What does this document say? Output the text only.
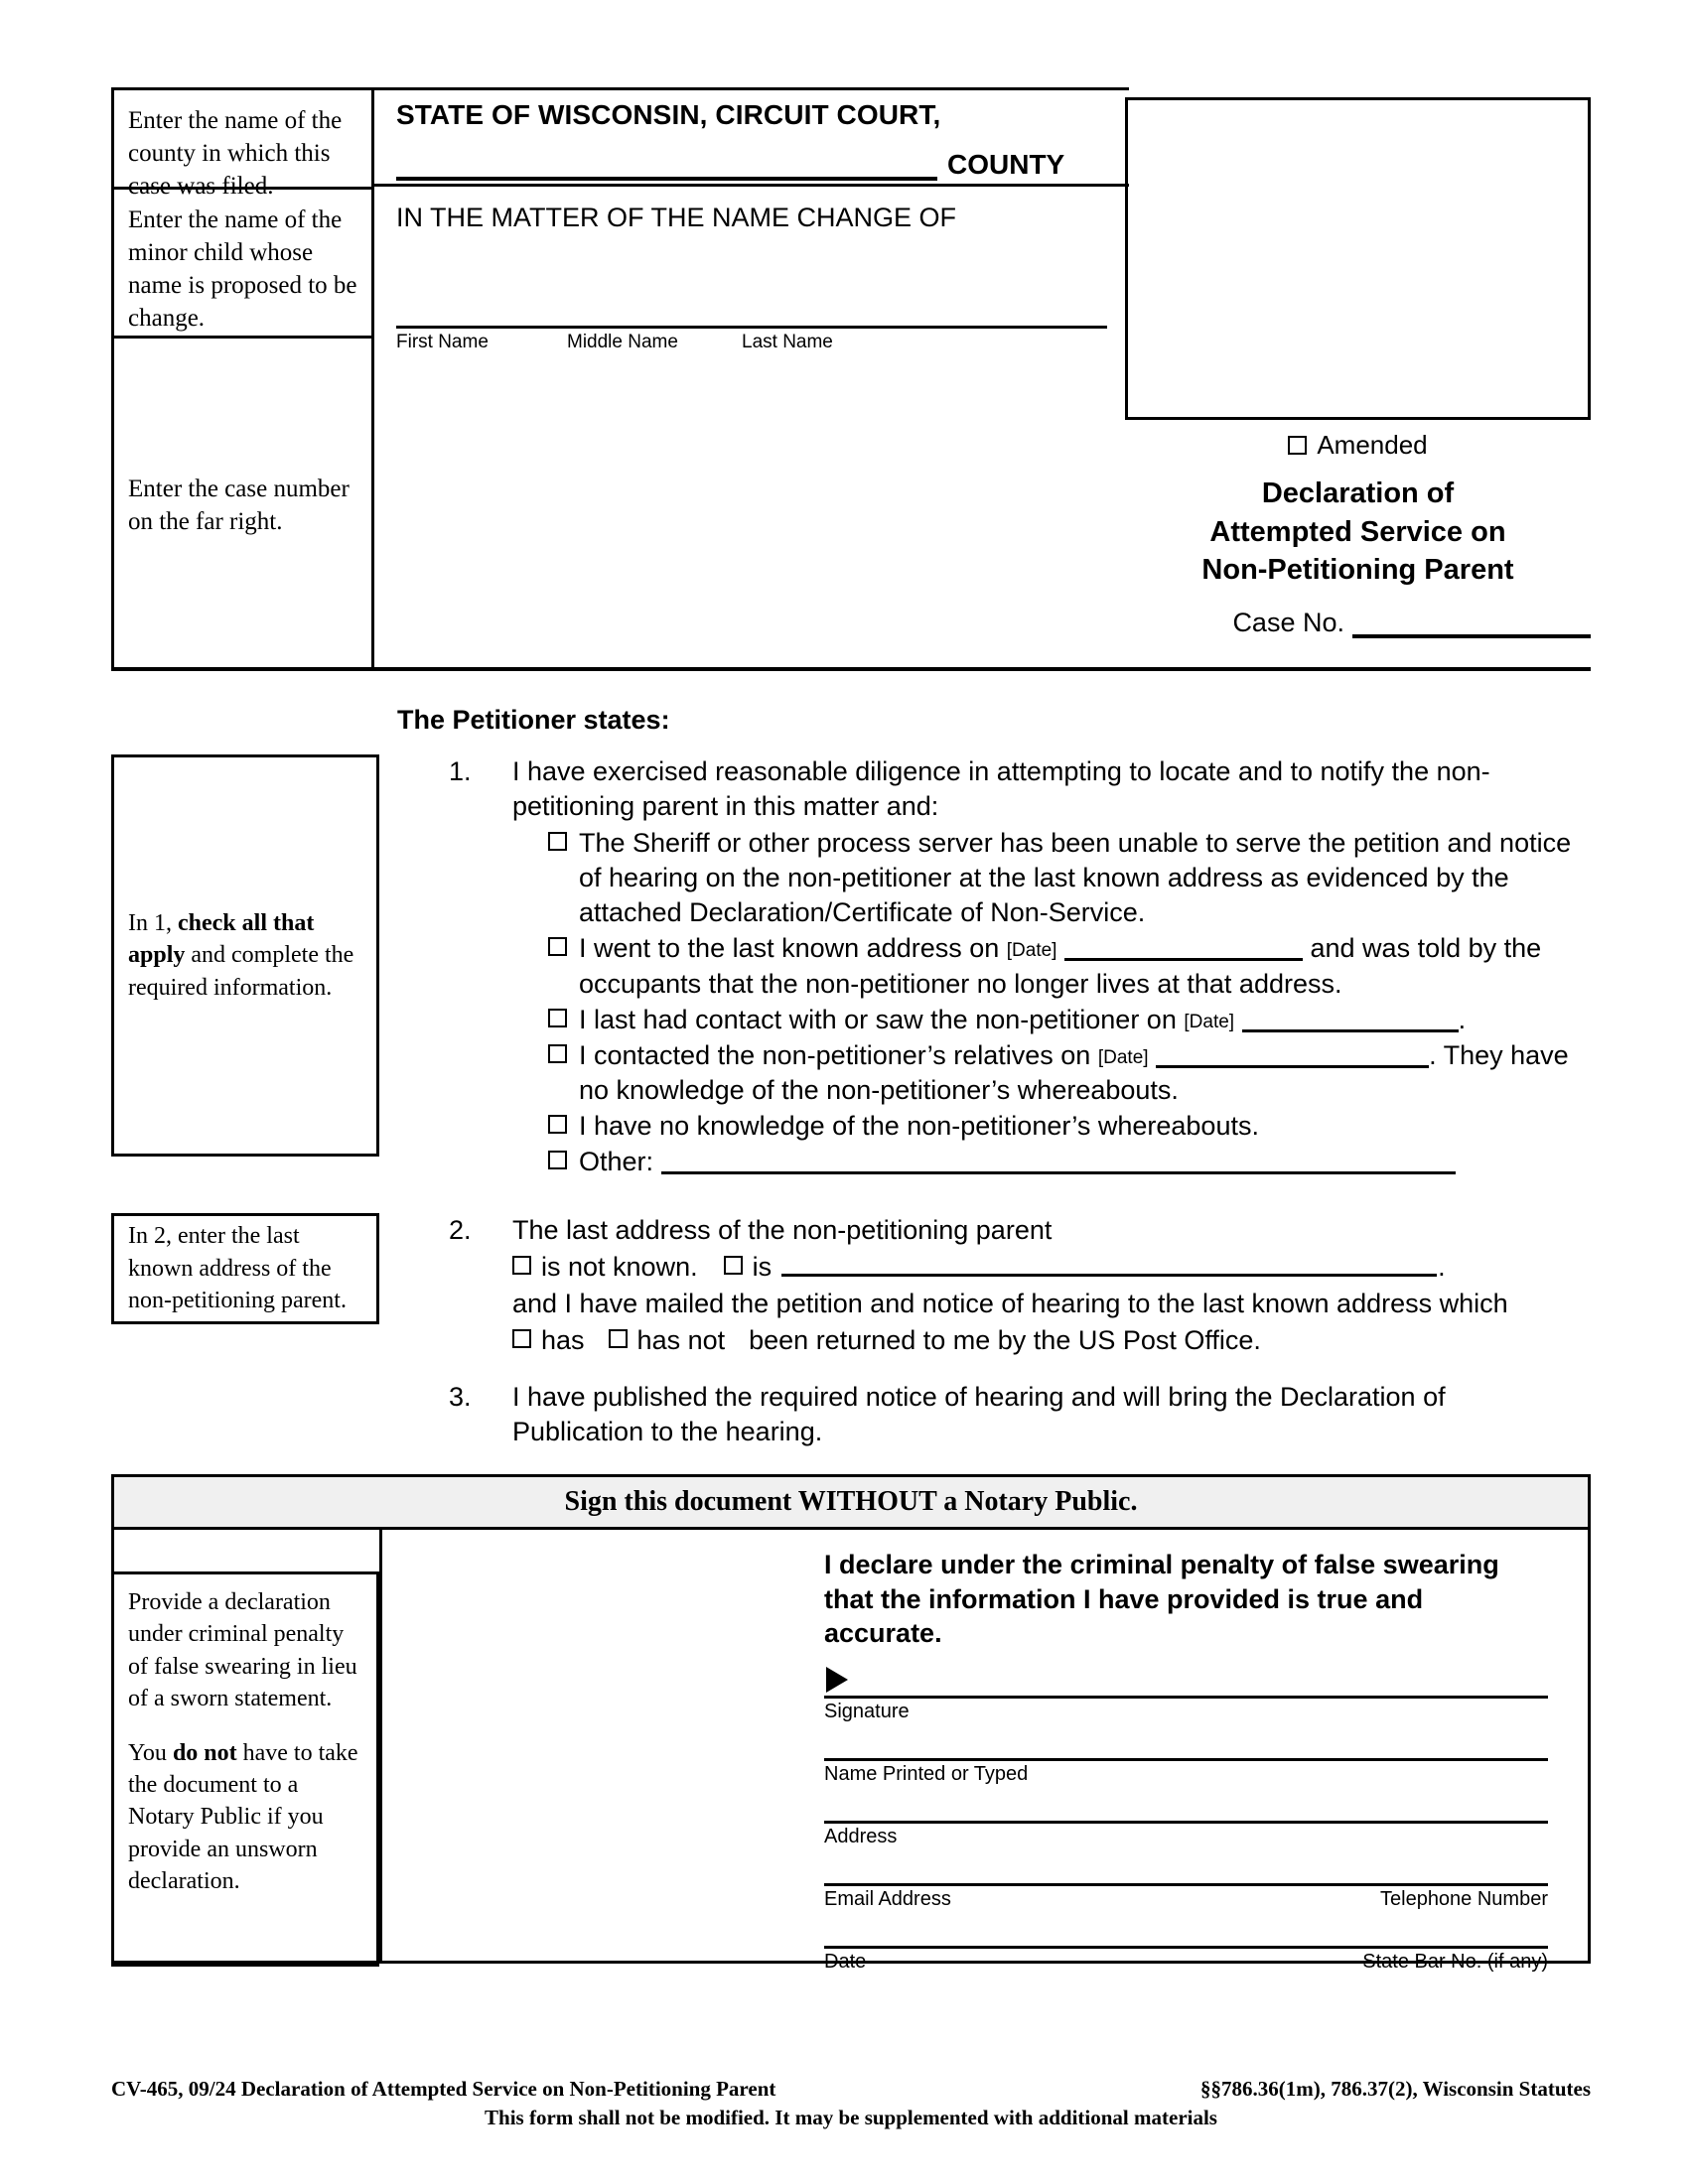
Enter the name of the county in which this case was filed.
Enter the name of the minor child whose name is proposed to be change.
Enter the case number on the far right.
STATE OF WISCONSIN, CIRCUIT COURT,
COUNTY
IN THE MATTER OF THE NAME CHANGE OF
First Name	Middle Name	Last Name
Amended
Declaration of
Attempted Service on
Non-Petitioning Parent
Case No.
The Petitioner states:
In 1, check all that apply and complete the required information.
1.	I have exercised reasonable diligence in attempting to locate and to notify the non-petitioning parent in this matter and:
The Sheriff or other process server has been unable to serve the petition and notice of hearing on the non-petitioner at the last known address as evidenced by the attached Declaration/Certificate of Non-Service.
I went to the last known address on [Date]	and was told by the occupants that the non-petitioner no longer lives at that address.
I last had contact with or saw the non-petitioner on [Date]	.
I contacted the non-petitioner’s relatives on [Date]	. They have no knowledge of the non-petitioner’s whereabouts.
I have no knowledge of the non-petitioner’s whereabouts.
Other:
In 2, enter the last known address of the non-petitioning parent.
2.	The last address of the non-petitioning parent
is not known. is	.
and I have mailed the petition and notice of hearing to the last known address which
has has not been returned to me by the US Post Office.
3.	I have published the required notice of hearing and will bring the Declaration of Publication to the hearing.
Sign this document WITHOUT a Notary Public.
I declare under the criminal penalty of false swearing that the information I have provided is true and accurate.
Signature
Name Printed or Typed
Address
Email Address	Telephone Number
Date	State Bar No. (if any)

Provide a declaration under criminal penalty of false swearing in lieu of a sworn statement.

You do not have to take the document to a Notary Public if you provide an unsworn declaration.

CV-465, 09/24 Declaration of Attempted Service on Non-Petitioning Parent	§§786.36(1m), 786.37(2), Wisconsin Statutes
This form shall not be modified. It may be supplemented with additional materials
